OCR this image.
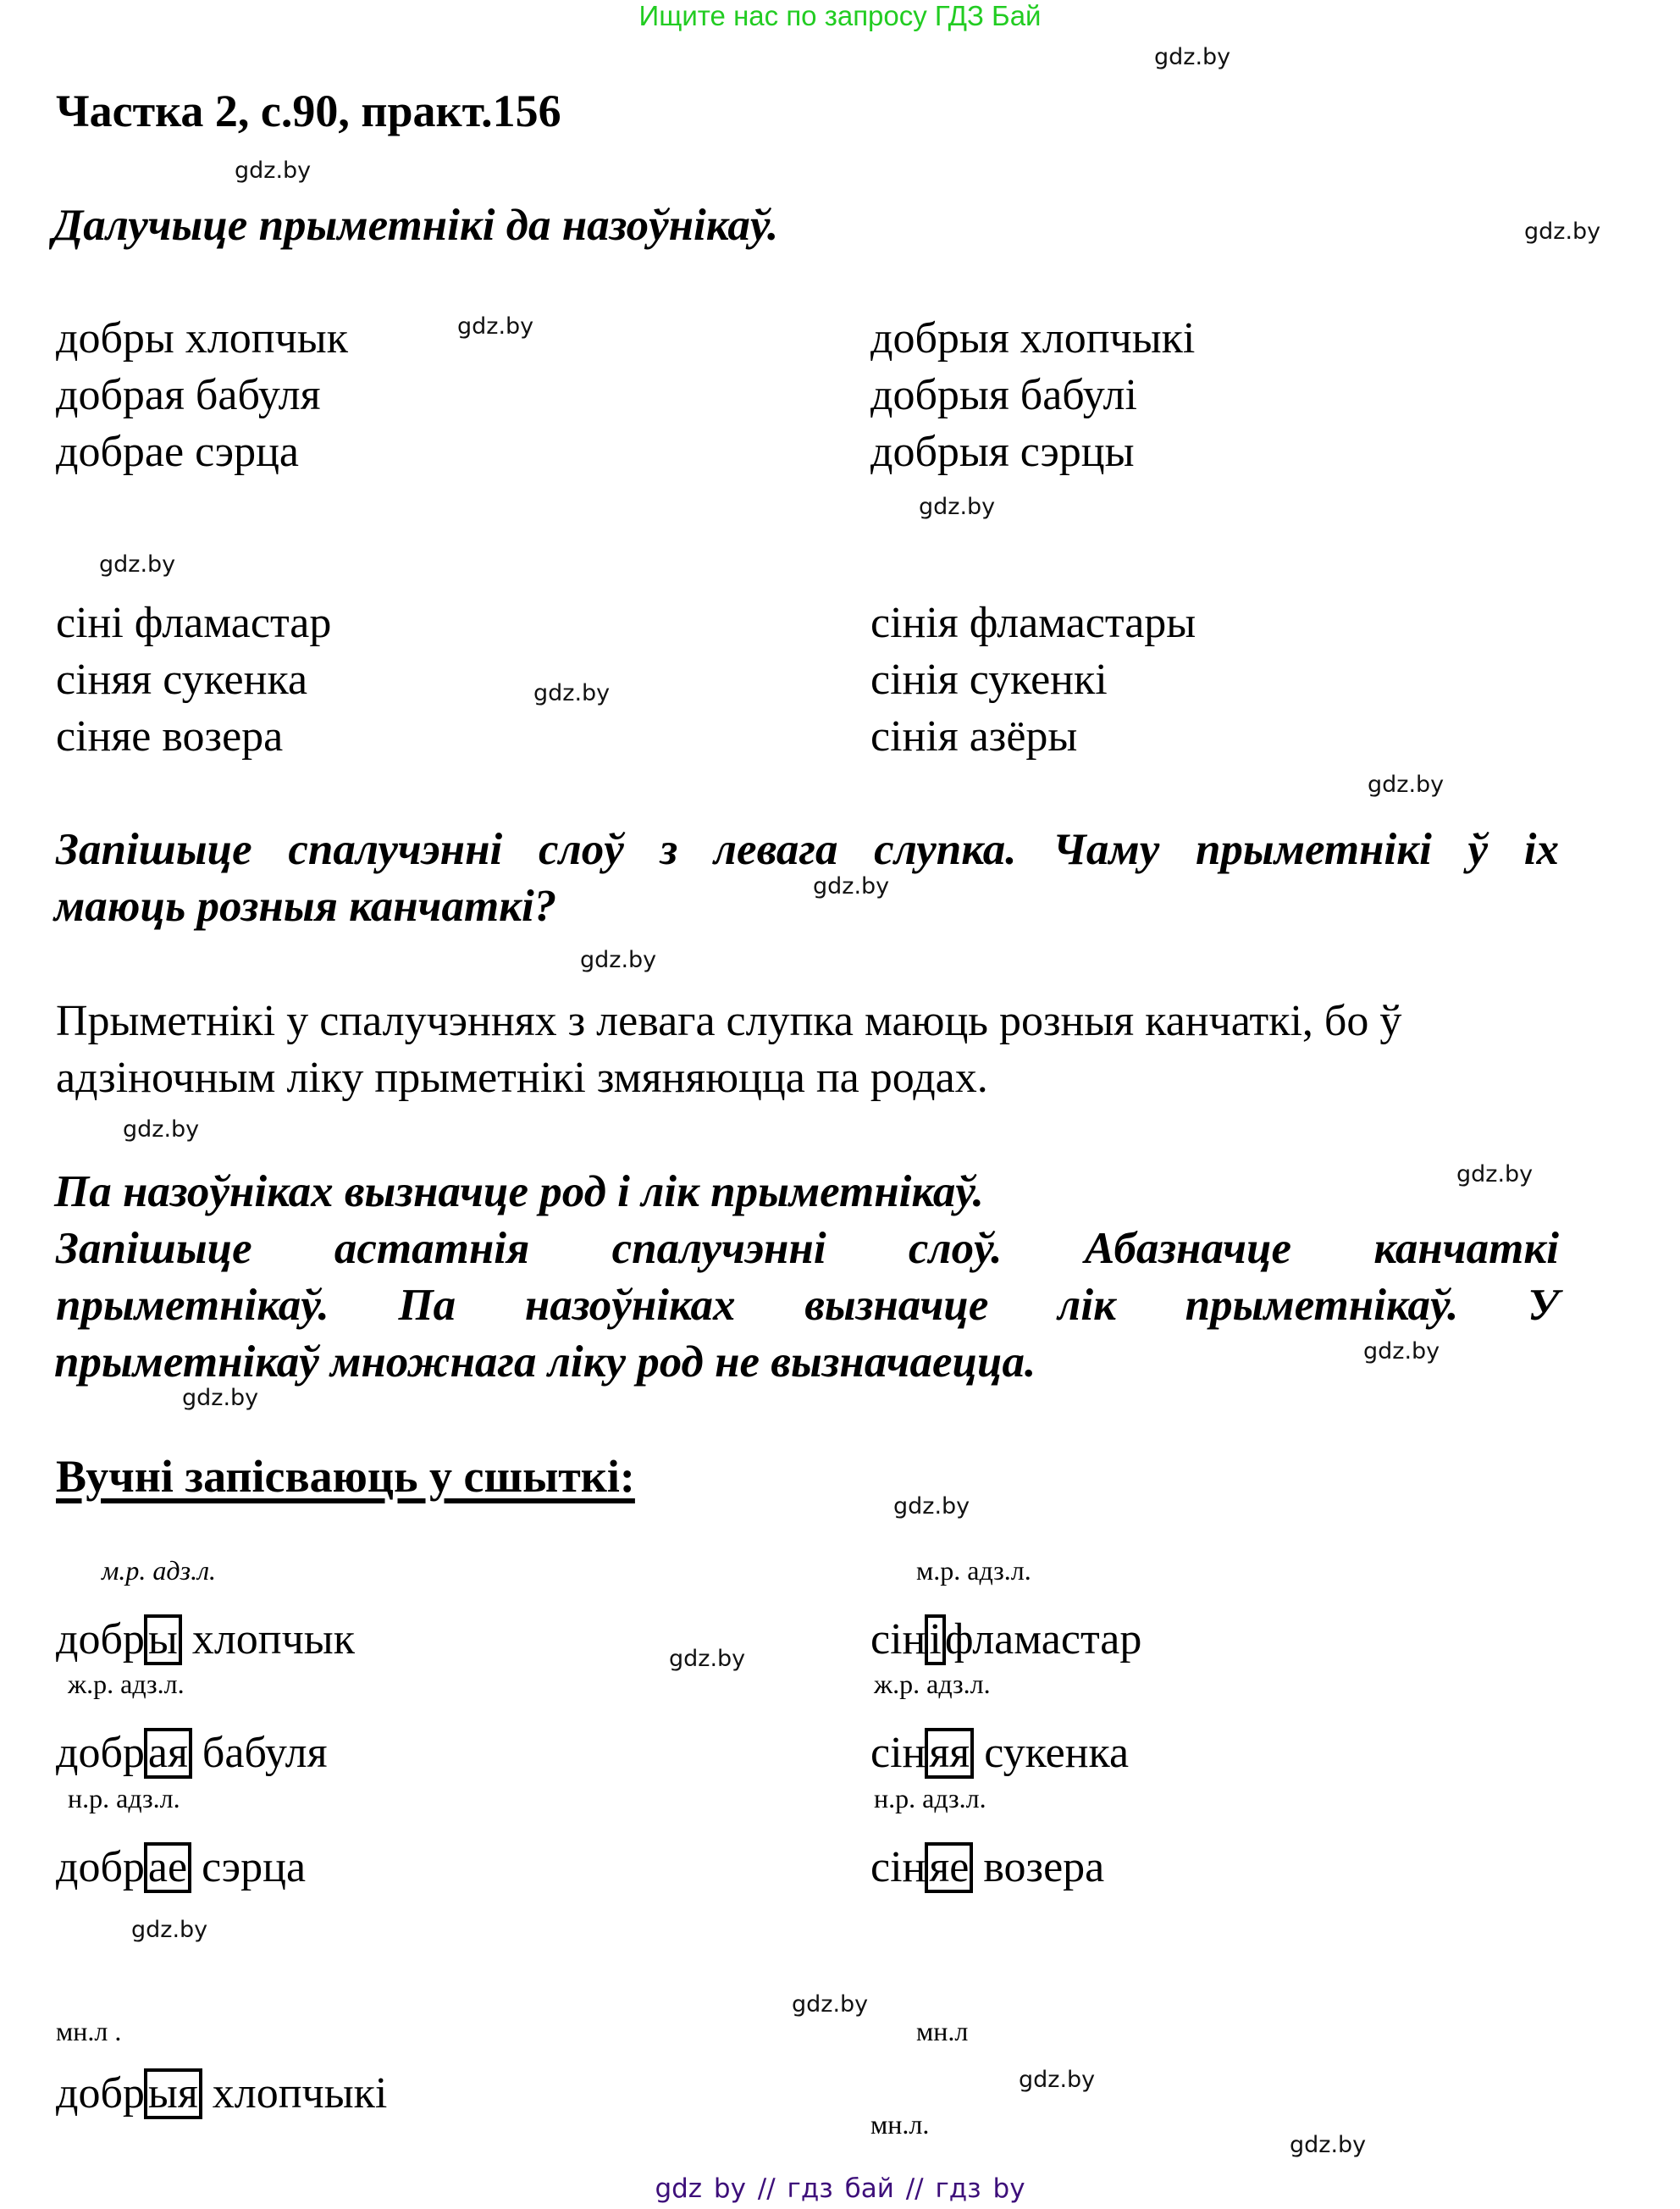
Ищите нас по запросу ГДЗ Бай
gdz.by
gdz.by
gdz.by
gdz.by
gdz.by
gdz.by
gdz.by
gdz.by
gdz.by
gdz.by
gdz.by
gdz.by
gdz.by
gdz.by
gdz.by
gdz.by
gdz.by
gdz.by
gdz.by
gdz.by
Частка 2, с.90, практ.156
Далучыце прыметнікі да назоўнікаў.
добры хлопчык
добрая бабуля
добрае сэрца
добрыя хлопчыкі
добрыя бабулі
добрыя сэрцы
сіні фламастар
сіняя сукенка
сіняе возера
сінія фламастары
сінія сукенкі
сінія азёры
Запішыце спалучэнні слоў з левага слупка. Чаму прыметнікі ў іх
маюць розныя канчаткі?
Прыметнікі у спалучэннях з левага слупка маюць розныя канчаткі, бо ў
адзіночным ліку прыметнікі змяняюцца па родах.
Па назоўніках вызначце род і лік прыметнікаў.
Запішыце астатнія спалучэнні слоў. Абазначце канчаткі
прыметнікаў. Па назоўніках вызначце лік прыметнікаў. У
прыметнікаў множнага ліку род не вызначаецца.
Вучні запісваюць у сшыткі:
м.р. адз.л.
добры хлопчык
ж.р. адз.л.
добрая бабуля
н.р. адз.л.
добрае сэрца
мн.л .
добрыя хлопчыкі
м.р. адз.л.
сініфламастар
ж.р. адз.л.
сіняя сукенка
н.р. адз.л.
сіняе возера
мн.л
мн.л.
gdz by // гдз бай // гдз by
